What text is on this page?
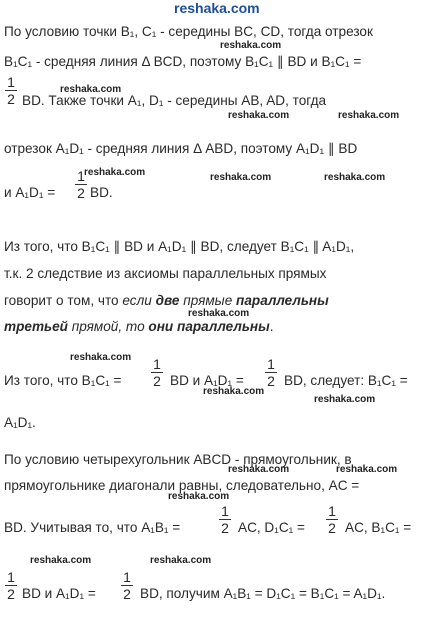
reshaka.com
По условию точки B₁, C₁ - середины BC, CD, тогда отрезок
reshaka.com
B₁C₁ - средняя линия Δ BCD, поэтому B₁C₁ ∥ BD и B₁C₁ =
reshaka.com
1
2 BD. Также точки A₁, D₁ - середины AB, AD, тогда
reshaka.com	reshaka.com
отрезок A₁D₁ - средняя линия Δ ABD, поэтому A₁D₁ ∥ BD
reshaka.com	reshaka.com	reshaka.com
и A₁D₁ =
1
2 BD.
Из того, что B₁C₁ ∥ BD и A₁D₁ ∥ BD, следует B₁C₁ ∥ A₁D₁,
т.к. 2 следствие из аксиомы параллельных прямых
говорит о том, что если две прямые параллельны
reshaka.com
третьей прямой, то они параллельны.
reshaka.com
Из того, что B₁C₁ =
1
2 BD и A₁D₁ =
reshaka.com
1
2 BD, следует: B₁C₁ =
reshaka.com
A₁D₁.
По условию четырехугольник ABCD - прямоугольник, в
reshaka.com	reshaka.com
прямоугольнике диагонали равны, следовательно, AC =
reshaka.com
BD. Учитывая то, что A₁B₁ =
1
2 AC, D₁C₁ =
1
2 AC, B₁C₁ =
reshaka.com	reshaka.com
1
2 BD и A₁D₁ =
1
2 BD, получим A₁B₁ = D₁C₁ = B₁C₁ = A₁D₁.
